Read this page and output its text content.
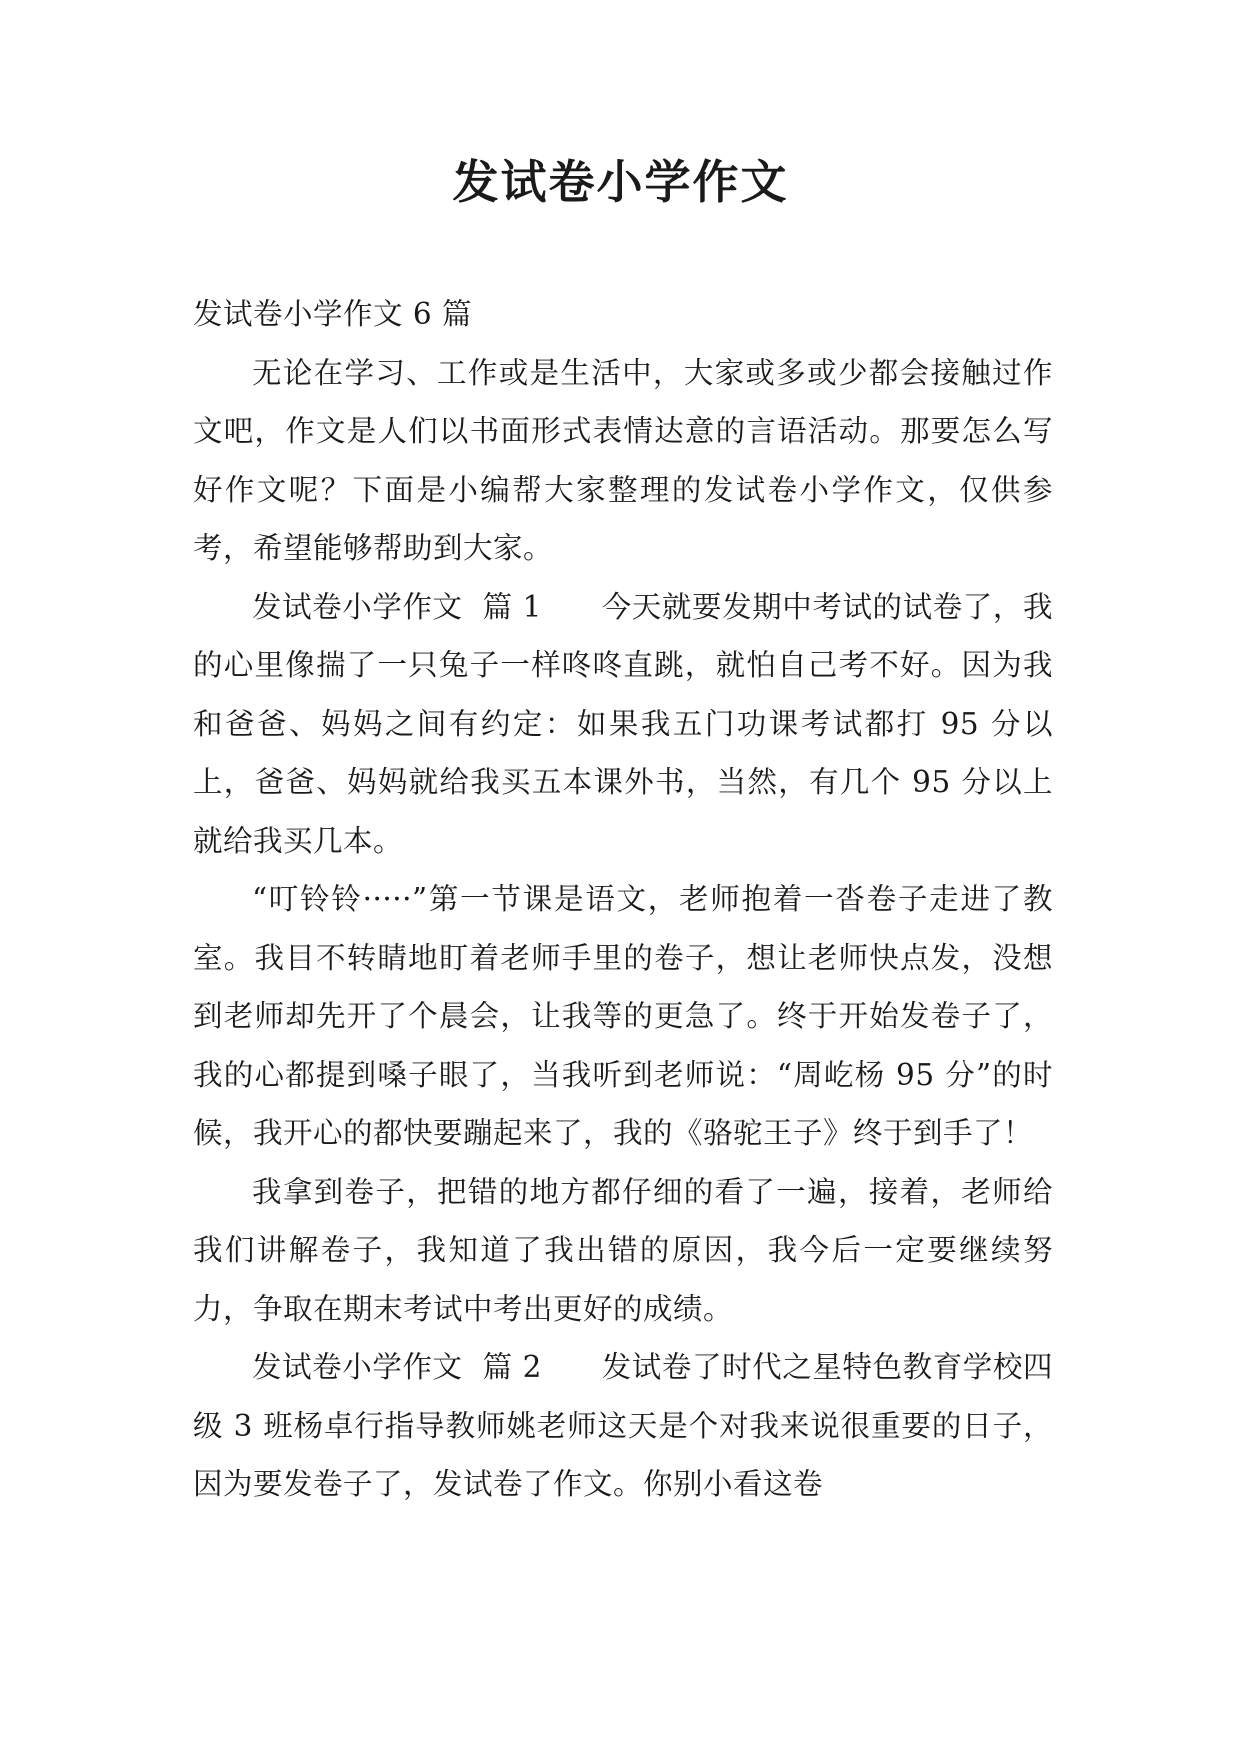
发试卷小学作文

发试卷小学作文 6 篇

无论在学习、工作或是生活中，大家或多或少都会接触过作文吧，作文是人们以书面形式表情达意的言语活动。那要怎么写好作文呢？下面是小编帮大家整理的发试卷小学作文，仅供参考，希望能够帮助到大家。

发试卷小学作文  篇 1      今天就要发期中考试的试卷了，我的心里像揣了一只兔子一样咚咚直跳，就怕自己考不好。因为我和爸爸、妈妈之间有约定：如果我五门功课考试都打 95 分以上，爸爸、妈妈就给我买五本课外书，当然，有几个 95 分以上就给我买几本。

“叮铃铃·····”第一节课是语文，老师抱着一沓卷子走进了教室。我目不转睛地盯着老师手里的卷子，想让老师快点发，没想到老师却先开了个晨会，让我等的更急了。终于开始发卷子了，我的心都提到嗓子眼了，当我听到老师说：“周屹杨 95 分”的时候，我开心的都快要蹦起来了，我的《骆驼王子》终于到手了！

我拿到卷子，把错的地方都仔细的看了一遍，接着，老师给我们讲解卷子，我知道了我出错的原因，我今后一定要继续努力，争取在期末考试中考出更好的成绩。

发试卷小学作文  篇 2      发试卷了时代之星特色教育学校四级 3 班杨卓行指导教师姚老师这天是个对我来说很重要的日子，因为要发卷子了，发试卷了作文。你别小看这卷
